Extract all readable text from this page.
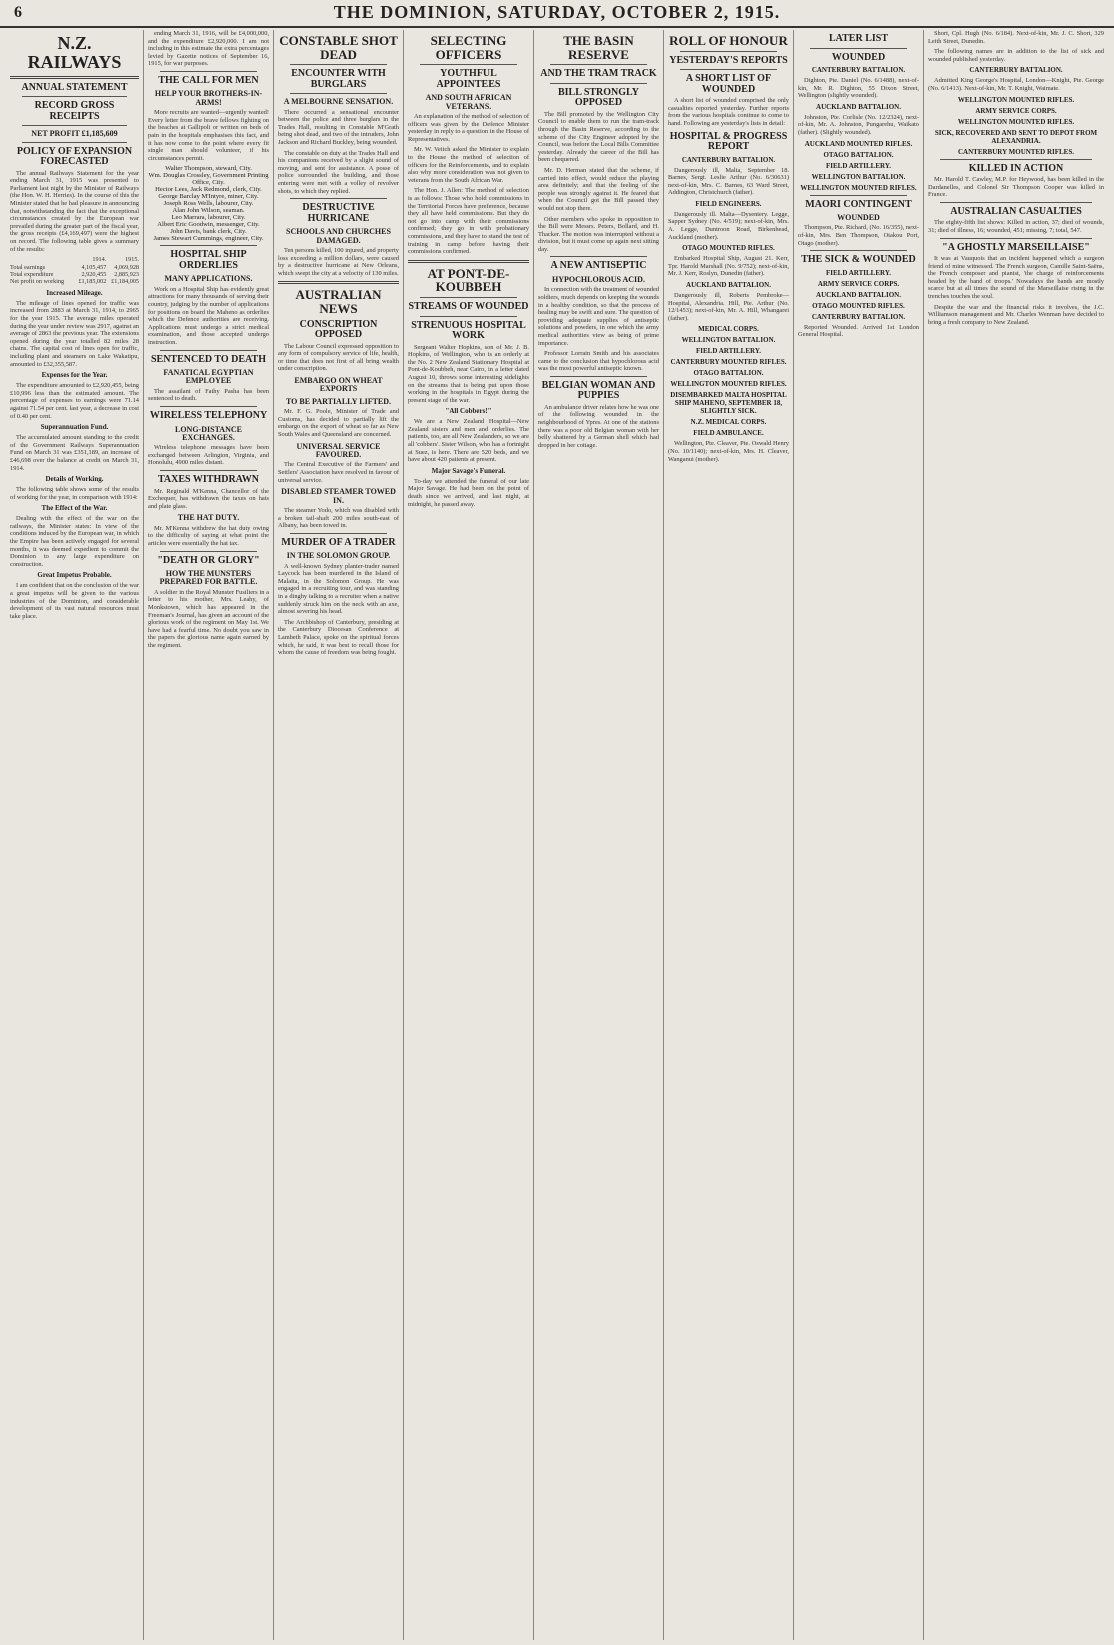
6	THE DOMINION, SATURDAY, OCTOBER 2, 1915.
N.Z. RAILWAYS
ANNUAL STATEMENT
RECORD GROSS RECEIPTS
NET PROFIT £1,185,609
POLICY OF EXPANSION FORECASTED

The annual Railways Statement for the year ending March 31, 1915 was presented to Parliament last night by the Minister of Railways (the Hon. W. H. Herries). In the course of this the Minister stated that he had pleasure in announcing that, notwithstanding the fact that the exceptional circumstances created by the European war prevailed during the greater part of the fiscal year, the gross receipts (£4,169,497) were the highest on record. The following table gives a summary of the results:

	1914.	1915.
Total earnings	4,105,457	4,069,928
Total expenditure	2,920,455	2,885,923
Net profit on working	£1,185,002	£1,184,005
Increased Mileage.

The mileage of lines opened for traffic was increased from 2883 at March 31, 1914, to 2965 for the year 1915. The average miles operated during the year under review was 2917, against an average of 2863 the previous year. The extensions opened during the year totalled 82 miles 28 chains. The capital cost of lines open for traffic, including plant and steamers on Lake Wakatipu, amounted to £32,355,587.

Expenses for the Year.

The expenditure amounted to £2,920,455, being £10,996 less than the estimated amount. The percentage of expenses to earnings were 71.14 against 71.54 per cent. last year, a decrease in cost of 0.40 per cent.

Superannuation Fund.

The accumulated amount standing to the credit of the Government Railways Superannuation Fund on March 31 was £351,189, an increase of £46,698 over the balance at credit on March 31, 1914.

Details of Working.

The following table shows some of the results of working for the year, in comparison with 1914:

The Effect of the War.

Dealing with the effect of the war on the railways, the Minister states: In view of the conditions induced by the European war, in which the Empire has been actively engaged for several months, it was deemed expedient to commit the Dominion to any large expenditure on construction.

Great Impetus Probable.

I am confident that on the conclusion of the war a great impetus will be given to the various industries of the Dominion, and considerable development of its vast natural resources must take place.

ending March 31, 1916, will be £4,000,000, and the expenditure £2,920,000. I am not including in this estimate the extra percentages levied by Gazette notices of September 16, 1915, for war purposes.

THE CALL FOR MEN
HELP YOUR BROTHERS-IN-ARMS!

More recruits are wanted—urgently wanted! Every letter from the brave fellows fighting on the beaches at Gallipoli or written on beds of pain in the hospitals emphasises this fact, and it has now come to the point where every fit single man should volunteer, if his circumstances permit.

Walter Thompson, steward, City.

Wm. Douglas Crossley, Government Printing Office, City.

Hector Lees, Jack Redmond, clerk, City.

George Barclay M'Intyre, miner, City.

Joseph Ross Wells, labourer, City.

Alan John Wilson, seaman.

Leo Marrara, labourer, City.

Albert Eric Goodwin, messenger, City.

John Davis, bank clerk, City.

James Stewart Cummings, engineer, City.

HOSPITAL SHIP ORDERLIES
MANY APPLICATIONS.

Work on a Hospital Ship has evidently great attractions for many thousands of serving their country, judging by the number of applications for positions on board the Maheno as orderlies which the Defence authorities are receiving. Applications must undergo a strict medical examination, and those accepted undergo instruction.

SENTENCED TO DEATH
FANATICAL EGYPTIAN EMPLOYEE

The assailant of Fathy Pasha has been sentenced to death.

WIRELESS TELEPHONY
LONG-DISTANCE EXCHANGES.

Wireless telephone messages have been exchanged between Arlington, Virginia, and Honolulu, 4900 miles distant.

TAXES WITHDRAWN

Mr. Reginald M'Kenna, Chancellor of the Exchequer, has withdrawn the taxes on hats and plate glass.

THE HAT DUTY.

Mr. M'Kenna withdrew the hat duty owing to the difficulty of saying at what point the articles were essentially the hat tax.

"DEATH OR GLORY"
HOW THE MUNSTERS PREPARED FOR BATTLE.

A soldier in the Royal Munster Fusiliers in a letter to his mother, Mrs. Leahy, of Monkstown, which has appeared in the Freeman's Journal, has given an account of the glorious work of the regiment on May 1st. We have had a fearful time. No doubt you saw in the papers the glorious name again earned by the regiment.

CONSTABLE SHOT DEAD
ENCOUNTER WITH BURGLARS
A MELBOURNE SENSATION.

There occurred a sensational encounter between the police and three burglars in the Trades Hall, resulting in Constable M'Grath being shot dead, and two of the intruders, John Jackson and Richard Buckley, being wounded.

The constable on duty at the Trades Hall and his companions received by a slight sound of moving, and sent for assistance. A posse of police surrounded the building, and those entering were met with a volley of revolver shots, to which they replied.

DESTRUCTIVE HURRICANE
SCHOOLS AND CHURCHES DAMAGED.

Ten persons killed, 100 injured, and property loss exceeding a million dollars, were caused by a destructive hurricane at New Orleans, which swept the city at a velocity of 130 miles.

AUSTRALIAN NEWS
CONSCRIPTION OPPOSED

The Labour Council expressed opposition to any form of compulsory service of life, health, or time that does not first of all bring wealth under conscription.

EMBARGO ON WHEAT EXPORTS
TO BE PARTIALLY LIFTED.

Mr. F. G. Poole, Minister of Trade and Customs, has decided to partially lift the embargo on the export of wheat so far as New South Wales and Queensland are concerned.

UNIVERSAL SERVICE FAVOURED.

The Central Executive of the Farmers' and Settlers' Association have resolved in favour of universal service.

DISABLED STEAMER TOWED IN.

The steamer Yodo, which was disabled with a broken tail-shaft 200 miles south-east of Albany, has been towed in.

MURDER OF A TRADER
IN THE SOLOMON GROUP.

A well-known Sydney planter-trader named Laycock has been murdered in the Island of Malaita, in the Solomon Group. He was engaged in a recruiting tour, and was standing in a dinghy talking to a recruiter when a native suddenly struck him on the neck with an axe, almost severing his head.

The Archbishop of Canterbury, presiding at the Canterbury Diocesan Conference at Lambeth Palace, spoke on the spiritual forces which, he said, it was best to recall those for whom the cause of freedom was being fought.

SELECTING OFFICERS
YOUTHFUL APPOINTEES
AND SOUTH AFRICAN VETERANS.

An explanation of the method of selection of officers was given by the Defence Minister yesterday in reply to a question in the House of Representatives.

Mr. W. Veitch asked the Minister to explain to the House the method of selection of officers for the Reinforcements, and to explain also why more consideration was not given to veterans from the South African War.

The Hon. J. Allen: The method of selection is as follows: Those who hold commissions in the Territorial Forces have preference, because they all have held commissions. But they do not go into camp with their commissions confirmed; they go in with probationary commissions, and they have to stand the test of training in camp before having their commissions confirmed.

AT PONT-DE-KOUBBEH
STREAMS OF WOUNDED
STRENUOUS HOSPITAL WORK

Sergeant Walter Hopkins, son of Mr. J. B. Hopkins, of Wellington, who is an orderly at the No. 2 New Zealand Stationary Hospital at Pont-de-Koubbeh, near Cairo, in a letter dated August 10, throws some interesting sidelights on the streams that is being put upon those working in the hospitals in Egypt during the present stage of the war.

"All Cobbers!"

We are a New Zealand Hospital—New Zealand sisters and men and orderlies. The patients, too, are all New Zealanders, so we are all 'cobbers'. Sister Wilson, who has a fortnight at Suez, is here. There are 520 beds, and we have about 420 patients at present.

Major Savage's Funeral.

To-day we attended the funeral of our late Major Savage. He had been on the point of death since we arrived, and last night, at midnight, he passed away.

THE BASIN RESERVE
AND THE TRAM TRACK
BILL STRONGLY OPPOSED

The Bill promoted by the Wellington City Council to enable them to run the tram-track through the Basin Reserve, according to the scheme of the City Engineer adopted by the Council, was before the Local Bills Committee yesterday. Already the career of the Bill has been chequered.

Mr. D. Herman stated that the scheme, if carried into effect, would reduce the playing area definitely; and that the feeling of the people was strongly against it. He feared that when the Council got the Bill passed they would not stop there.

Other members who spoke in opposition to the Bill were Messrs. Peters, Bollard, and H. Thacker. The motion was interrupted without a division, but it must come up again next sitting day.

A NEW ANTISEPTIC
HYPOCHLOROUS ACID.

In connection with the treatment of wounded soldiers, much depends on keeping the wounds in a healthy condition, so that the process of healing may be swift and sure. The question of providing adequate supplies of antiseptic solutions and powders, in one which the army medical authorities view as being of prime importance.

Professor Lorrain Smith and his associates came to the conclusion that hypochlorous acid was the most powerful antiseptic known.

BELGIAN WOMAN AND PUPPIES

An ambulance driver relates how he was one of the following wounded in the neighbourhood of Ypres. At one of the stations there was a poor old Belgian woman with her belly shattered by a German shell which had dropped in her cottage.

ROLL OF HONOUR
YESTERDAY'S REPORTS
A SHORT LIST OF WOUNDED

A short list of wounded comprised the only casualties reported yesterday. Further reports from the various hospitals continue to come to hand. Following are yesterday's lists in detail:

HOSPITAL & PROGRESS REPORT
CANTERBURY BATTALION.

Dangerously ill, Malta, September 18. Barnes, Sergt. Leslie Arthur (No. 6/30631) next-of-kin, Mrs. C. Barnes, 63 Ward Street, Addington, Christchurch (father).

FIELD ENGINEERS.

Dangerously ill. Malta—Dysentery. Legge, Sapper Sydney (No. 4/519); next-of-kin, Mrs. A. Legge, Duntroon Road, Birkenhead, Auckland (mother).

OTAGO MOUNTED RIFLES.

Embarked Hospital Ship, August 21. Kerr, Tpr. Harold Marshall (No. 9/752); next-of-kin, Mr. J. Kerr, Roslyn, Dunedin (father).

AUCKLAND BATTALION.

Dangerously ill, Roberts Pembroke—Hospital, Alexandria. Hill, Pte. Arthur (No. 12/1453); next-of-kin, Mr. A. Hill, Whangarei (father).

MEDICAL CORPS.
WELLINGTON BATTALION.
FIELD ARTILLERY.
CANTERBURY MOUNTED RIFLES.
OTAGO BATTALION.
WELLINGTON MOUNTED RIFLES.
DISEMBARKED MALTA HOSPITAL SHIP MAHENO, SEPTEMBER 18, SLIGHTLY SICK.
N.Z. MEDICAL CORPS.
FIELD AMBULANCE.

Wellington, Pte. Cleaver, Pte. Oswald Henry (No. 10/1140); next-of-kin, Mrs. H. Cleaver, Wanganui (mother).

LATER LIST
WOUNDED
CANTERBURY BATTALION.

Dighton, Pte. Daniel (No. 6/1488), next-of-kin, Mr. R. Dighton, 55 Dixon Street, Wellington (slightly wounded).

AUCKLAND BATTALION.

Johnston, Pte. Corlisle (No. 12/2324), next-of-kin, Mr. A. Johnston, Pungarehu, Waikato (father). (Slightly wounded).

AUCKLAND MOUNTED RIFLES.
OTAGO BATTALION.
FIELD ARTILLERY.
WELLINGTON BATTALION.
WELLINGTON MOUNTED RIFLES.
MAORI CONTINGENT
WOUNDED

Thompson, Pte. Richard, (No. 16/355), next-of-kin, Mrs. Ben Thompson, Otakou Port, Otago (mother).

THE SICK & WOUNDED
FIELD ARTILLERY.
ARMY SERVICE CORPS.
AUCKLAND BATTALION.
OTAGO MOUNTED RIFLES.
CANTERBURY BATTALION.

Reported Wounded. Arrived 1st London General Hospital.

Short, Cpl. Hugh (No. 6/184). Next-of-kin, Mr. J. C. Short, 329 Leith Street, Dunedin.

The following names are in addition to the list of sick and wounded published yesterday.

CANTERBURY BATTALION.

Admitted King George's Hospital, London—Knight, Pte. George (No. 6/1413). Next-of-kin, Mr. T. Knight, Waimate.

WELLINGTON MOUNTED RIFLES.
ARMY SERVICE CORPS.
WELLINGTON MOUNTED RIFLES.
SICK, RECOVERED AND SENT TO DEPOT FROM ALEXANDRIA.
CANTERBURY MOUNTED RIFLES.
KILLED IN ACTION

Mr. Harold T. Cawley, M.P. for Heywood, has been killed in the Dardanelles, and Colonel Sir Thompson Cooper was killed in France.

AUSTRALIAN CASUALTIES

The eighty-fifth list shows: Killed in action, 37; died of wounds, 31; died of illness, 16; wounded, 451; missing, 7; total, 547.

"A GHOSTLY MARSEILLAISE"

It was at Vauquois that an incident happened which a surgeon friend of mine witnessed. The French surgeon, Camille Saint-Saëns, the French composer and pianist, 'the charge of reinforcements headed by the band of troops.' Nowadays the bands are mostly scarce but at all times the sound of the Marseillaise rising in the trenches touches the soul.

Despite the war and the financial risks it involves, the J.C. Williamson management and Mr. Charles Wenman have decided to bring a fresh company to New Zealand.
